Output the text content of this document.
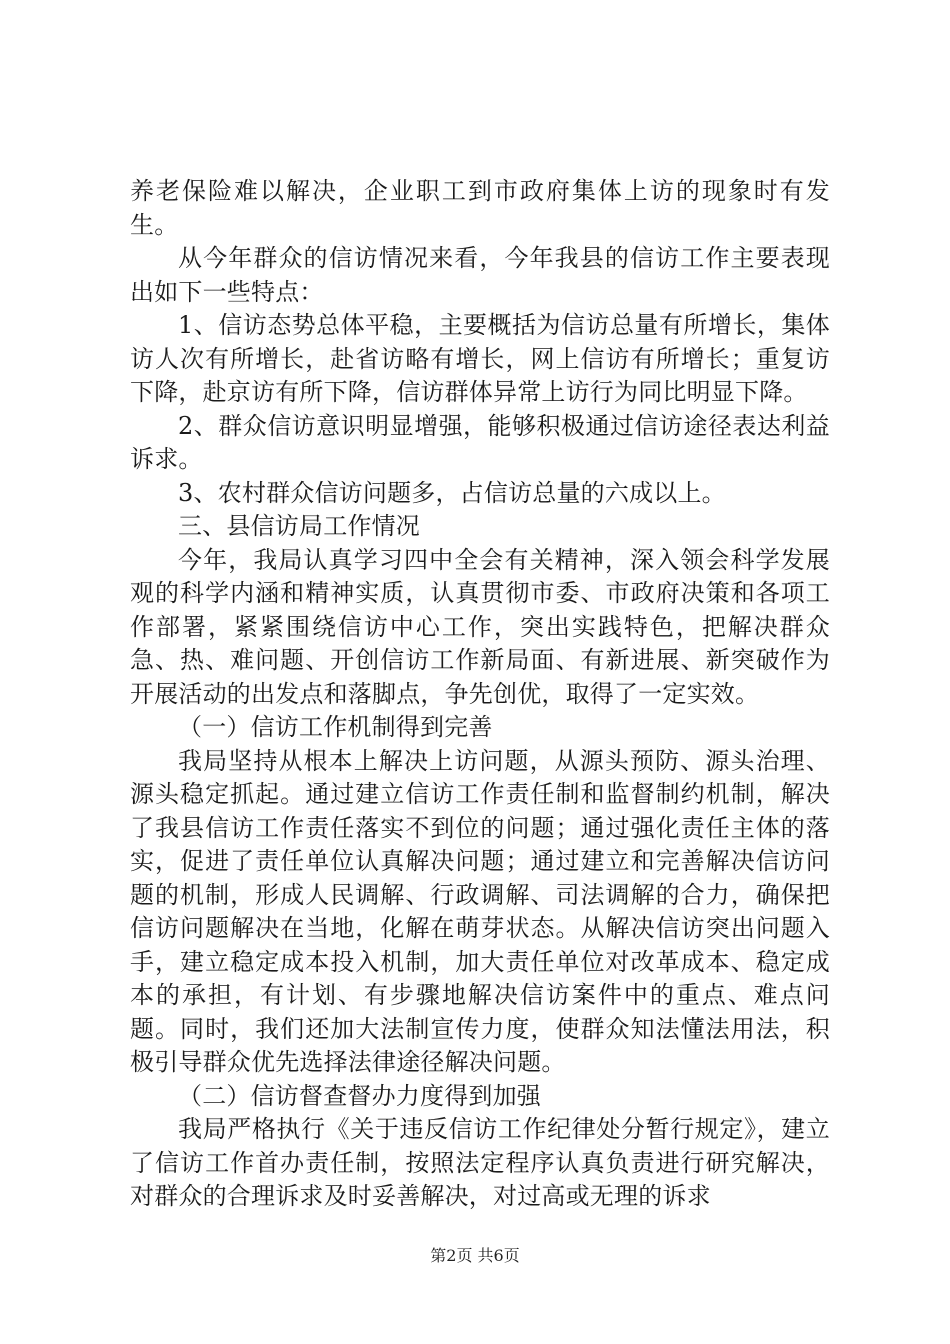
养老保险难以解决，企业职工到市政府集体上访的现象时有发生。

从今年群众的信访情况来看，今年我县的信访工作主要表现出如下一些特点：

1、信访态势总体平稳，主要概括为信访总量有所增长，集体访人次有所增长，赴省访略有增长，网上信访有所增长；重复访下降，赴京访有所下降，信访群体异常上访行为同比明显下降。

2、群众信访意识明显增强，能够积极通过信访途径表达利益诉求。

3、农村群众信访问题多，占信访总量的六成以上。

三、县信访局工作情况

今年，我局认真学习四中全会有关精神，深入领会科学发展观的科学内涵和精神实质，认真贯彻市委、市政府决策和各项工作部署，紧紧围绕信访中心工作，突出实践特色，把解决群众急、热、难问题、开创信访工作新局面、有新进展、新突破作为开展活动的出发点和落脚点，争先创优，取得了一定实效。

（一）信访工作机制得到完善

我局坚持从根本上解决上访问题，从源头预防、源头治理、源头稳定抓起。通过建立信访工作责任制和监督制约机制，解决了我县信访工作责任落实不到位的问题；通过强化责任主体的落实，促进了责任单位认真解决问题；通过建立和完善解决信访问题的机制，形成人民调解、行政调解、司法调解的合力，确保把信访问题解决在当地，化解在萌芽状态。从解决信访突出问题入手，建立稳定成本投入机制，加大责任单位对改革成本、稳定成本的承担，有计划、有步骤地解决信访案件中的重点、难点问题。同时，我们还加大法制宣传力度，使群众知法懂法用法，积极引导群众优先选择法律途径解决问题。

（二）信访督查督办力度得到加强

我局严格执行《关于违反信访工作纪律处分暂行规定》，建立了信访工作首办责任制，按照法定程序认真负责进行研究解决，对群众的合理诉求及时妥善解决，对过高或无理的诉求

第2页 共6页
